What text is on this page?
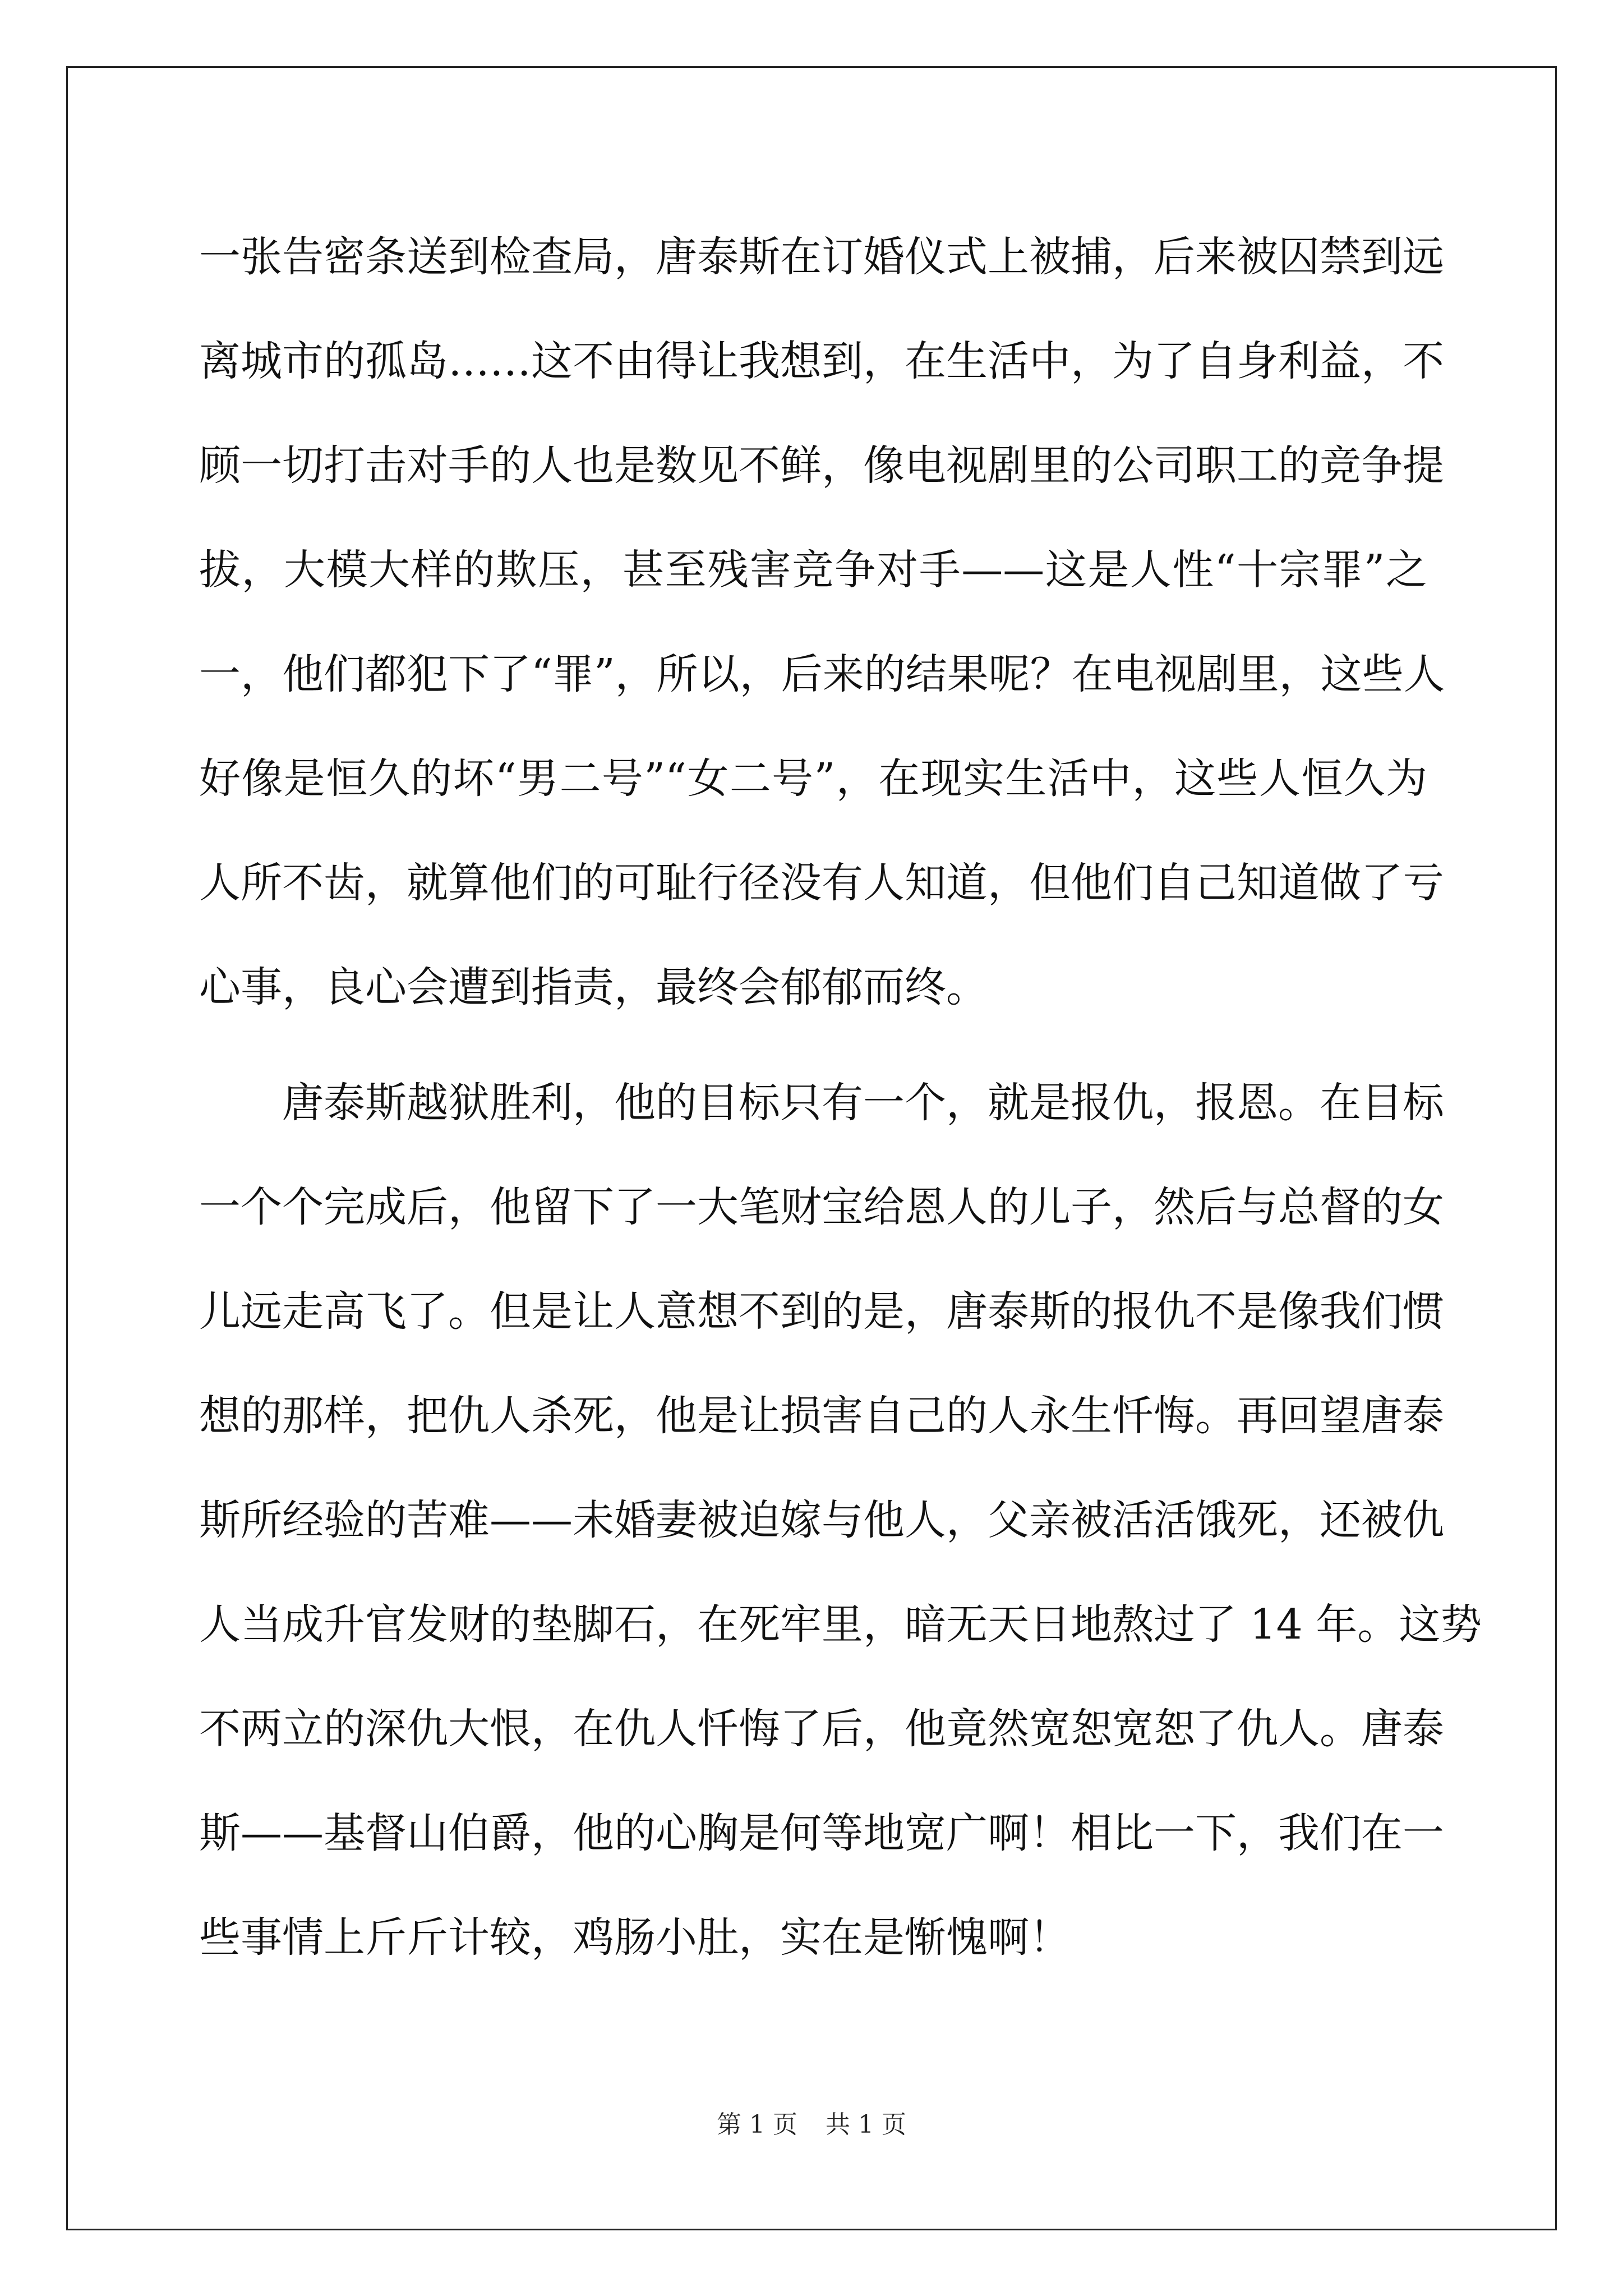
一张告密条送到检查局，唐泰斯在订婚仪式上被捕，后来被囚禁到远
离城市的孤岛……这不由得让我想到，在生活中，为了自身利益，不
顾一切打击对手的人也是数见不鲜，像电视剧里的公司职工的竞争提
拔，大模大样的欺压，甚至残害竞争对手——这是人性“十宗罪”之
一，他们都犯下了“罪”，所以，后来的结果呢？在电视剧里，这些人
好像是恒久的坏“男二号”“女二号”，在现实生活中，这些人恒久为
人所不齿，就算他们的可耻行径没有人知道，但他们自己知道做了亏
心事，良心会遭到指责，最终会郁郁而终。
唐泰斯越狱胜利，他的目标只有一个，就是报仇，报恩。在目标
一个个完成后，他留下了一大笔财宝给恩人的儿子，然后与总督的女
儿远走高飞了。但是让人意想不到的是，唐泰斯的报仇不是像我们惯
想的那样，把仇人杀死，他是让损害自己的人永生忏悔。再回望唐泰
斯所经验的苦难——未婚妻被迫嫁与他人，父亲被活活饿死，还被仇
人当成升官发财的垫脚石，在死牢里，暗无天日地熬过了 14 年。这势
不两立的深仇大恨，在仇人忏悔了后，他竟然宽恕宽恕了仇人。唐泰
斯——基督山伯爵，他的心胸是何等地宽广啊！相比一下，我们在一
些事情上斤斤计较，鸡肠小肚，实在是惭愧啊！
第 1 页 共 1 页
